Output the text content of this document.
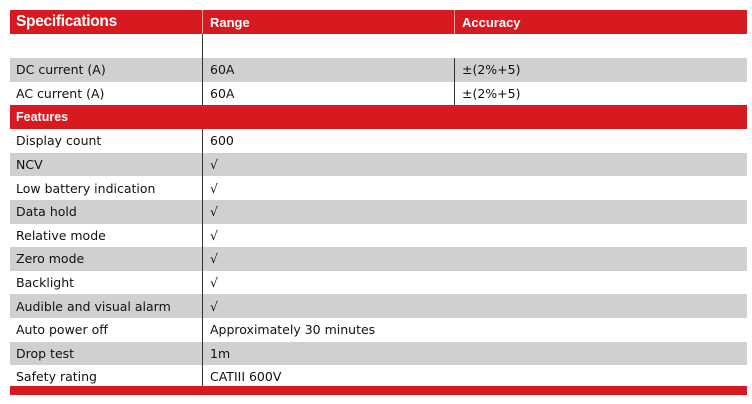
Specifications	Range	Accuracy
DC current (A)	60A	±(2%+5)
AC current (A)	60A	±(2%+5)
Features
Display count	600
NCV	√
Low battery indication	√
Data hold	√
Relative mode	√
Zero mode	√
Backlight	√
Audible and visual alarm	√
Auto power off	Approximately 30 minutes
Drop test	1m
Safety rating	CATIII 600V
